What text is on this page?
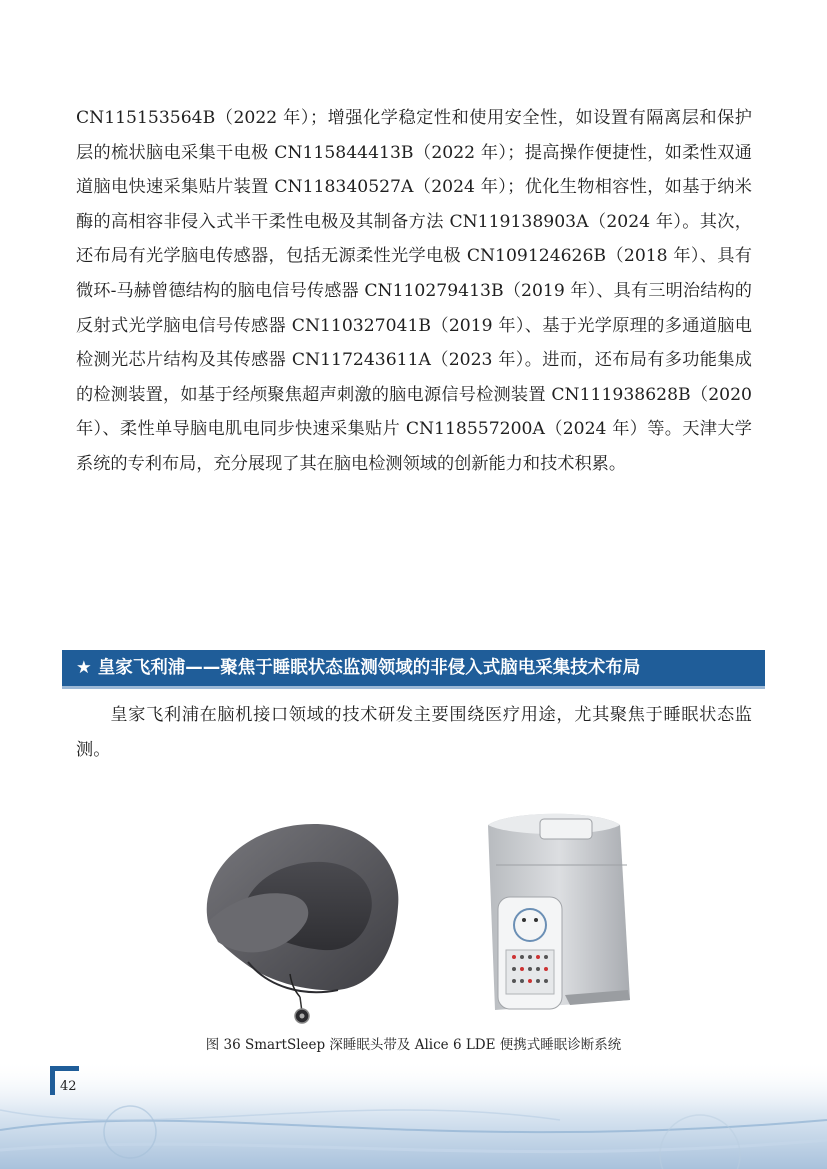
CN115153564B（2022 年）；增强化学稳定性和使用安全性，如设置有隔离层和保护层的梳状脑电采集干电极 CN115844413B（2022 年）；提高操作便捷性，如柔性双通道脑电快速采集贴片装置 CN118340527A（2024 年）；优化生物相容性，如基于纳米酶的高相容非侵入式半干柔性电极及其制备方法 CN119138903A（2024 年）。其次，还布局有光学脑电传感器，包括无源柔性光学电极 CN109124626B（2018 年）、具有微环-马赫曾德结构的脑电信号传感器 CN110279413B（2019 年）、具有三明治结构的反射式光学脑电信号传感器 CN110327041B（2019 年）、基于光学原理的多通道脑电检测光芯片结构及其传感器 CN117243611A（2023 年）。进而，还布局有多功能集成的检测装置，如基于经颅聚焦超声刺激的脑电源信号检测装置 CN111938628B（2020 年）、柔性单导脑电肌电同步快速采集贴片 CN118557200A（2024 年）等。天津大学系统的专利布局，充分展现了其在脑电检测领域的创新能力和技术积累。

★ 皇家飞利浦——聚焦于睡眠状态监测领域的非侵入式脑电采集技术布局

皇家飞利浦在脑机接口领域的技术研发主要围绕医疗用途，尤其聚焦于睡眠状态监测。

图 36 SmartSleep 深睡眠头带及 Alice 6 LDE 便携式睡眠诊断系统
42
